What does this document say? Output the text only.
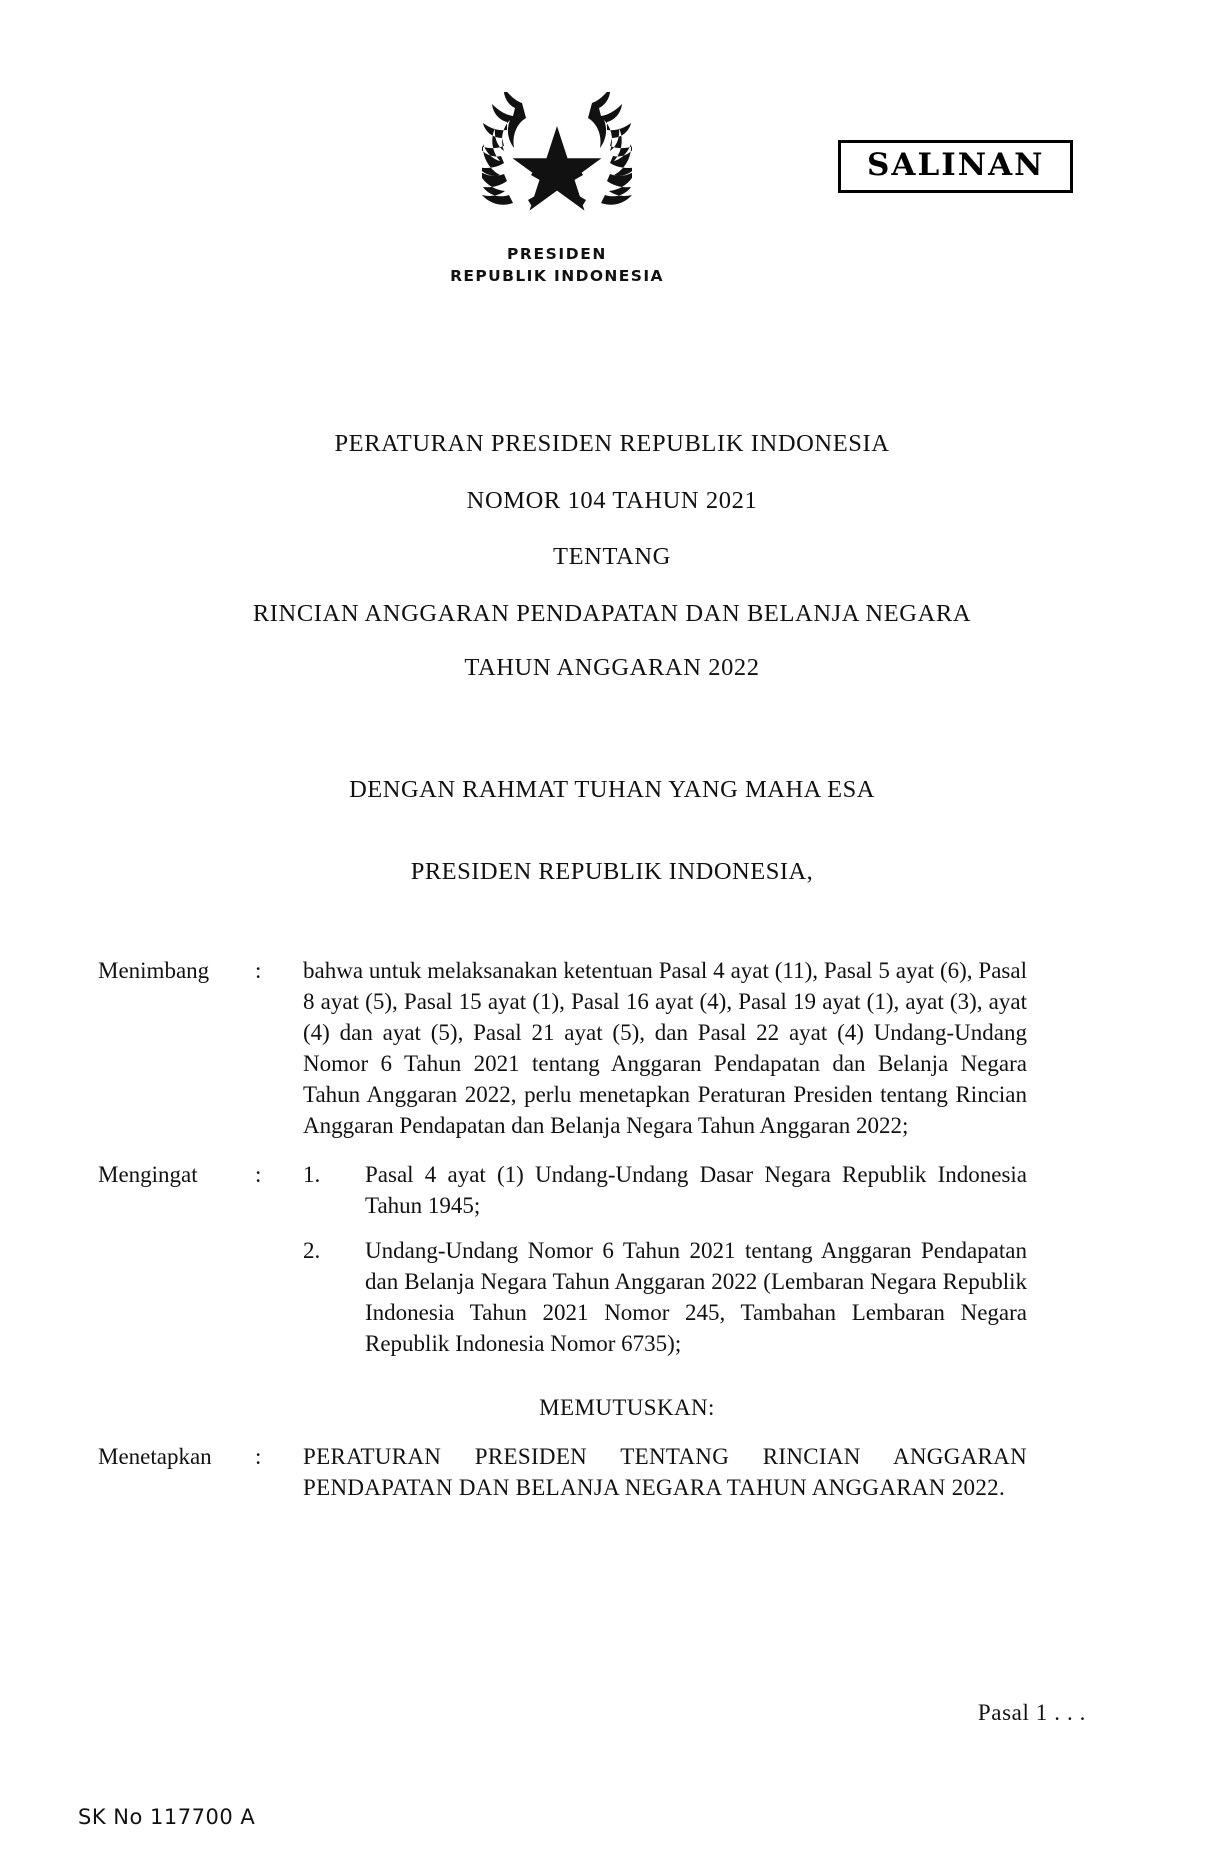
SALINAN
PRESIDEN
REPUBLIK INDONESIA
PERATURAN PRESIDEN REPUBLIK INDONESIA
NOMOR 104 TAHUN 2021
TENTANG
RINCIAN ANGGARAN PENDAPATAN DAN BELANJA NEGARA
TAHUN ANGGARAN 2022
DENGAN RAHMAT TUHAN YANG MAHA ESA
PRESIDEN REPUBLIK INDONESIA,
Menimbang	:	bahwa untuk melaksanakan ketentuan Pasal 4 ayat (11), Pasal 5 ayat (6), Pasal 8 ayat (5), Pasal 15 ayat (1), Pasal 16 ayat (4), Pasal 19 ayat (1), ayat (3), ayat (4) dan ayat (5), Pasal 21 ayat (5), dan Pasal 22 ayat (4) Undang-Undang Nomor 6 Tahun 2021 tentang Anggaran Pendapatan dan Belanja Negara Tahun Anggaran 2022, perlu menetapkan Peraturan Presiden tentang Rincian Anggaran Pendapatan dan Belanja Negara Tahun Anggaran 2022;

Mengingat	:	1.	Pasal 4 ayat (1) Undang-Undang Dasar Negara Republik Indonesia Tahun 1945;
2.	Undang-Undang Nomor 6 Tahun 2021 tentang Anggaran Pendapatan dan Belanja Negara Tahun Anggaran 2022 (Lembaran Negara Republik Indonesia Tahun 2021 Nomor 245, Tambahan Lembaran Negara Republik Indonesia Nomor 6735);
MEMUTUSKAN:
Menetapkan	:	PERATURAN PRESIDEN TENTANG RINCIAN ANGGARAN PENDAPATAN DAN BELANJA NEGARA TAHUN ANGGARAN 2022.

Pasal 1 . . .
SK No 117700 A
